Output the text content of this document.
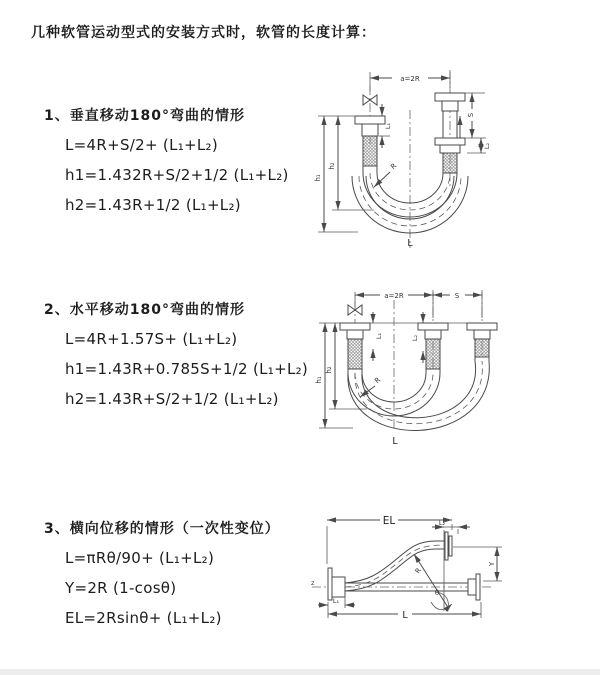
几种软管运动型式的安装方式时，软管的长度计算：
1、垂直移动180°弯曲的情形
L=4R+S/2+ (L₁+L₂)
h1=1.432R+S/2+1/2 (L₁+L₂)
h2=1.43R+1/2 (L₁+L₂)
2、水平移动180°弯曲的情形
L=4R+1.57S+ (L₁+L₂)
h1=1.43R+0.785S+1/2 (L₁+L₂)
h2=1.43R+S/2+1/2 (L₁+L₂)
3、横向位移的情形（一次性变位）
L=πRθ/90+ (L₁+L₂)
Y=2R (1-cosθ)
EL=2Rsinθ+ (L₁+L₂)
a=2R
h₂
h₁
L₁
S
L₂
R
L
a=2R	S
L₁	L₂
h₂
h₁	R
L
EL	L₂
z
Y
θ
R
L₁
L
